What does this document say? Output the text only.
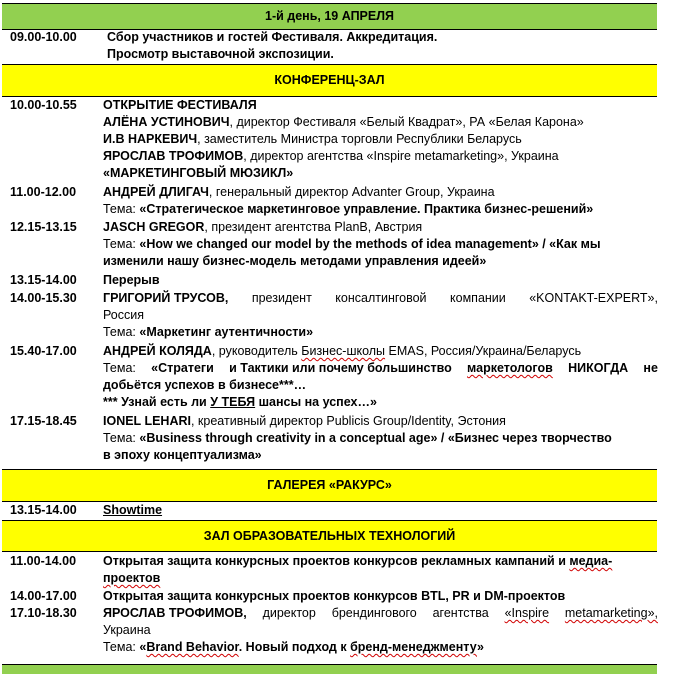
1-й день, 19 АПРЕЛЯ
09.00-10.00	Сбор участников и гостей Фестиваля. Аккредитация.
Просмотр выставочной экспозиции.
КОНФЕРЕНЦ-ЗАЛ
10.00-10.55	ОТКРЫТИЕ ФЕСТИВАЛЯ
АЛЁНА УСТИНОВИЧ, директор Фестиваля «Белый Квадрат», РА «Белая Карона»
И.В НАРКЕВИЧ, заместитель Министра торговли Республики Беларусь
ЯРОСЛАВ ТРОФИМОВ, директор агентства «Inspire metamarketing», Украина
«МАРКЕТИНГОВЫЙ МЮЗИКЛ»
11.00-12.00	АНДРЕЙ ДЛИГАЧ, генеральный директор Advanter Group, Украина
Тема: «Стратегическое маркетинговое управление. Практика бизнес-решений»
12.15-13.15	JASCH GREGOR, президент агентства PlanB, Австрия
Тема: «How we changed our model by the methods of idea management» / «Как мы
изменили нашу бизнес-модель методами управления идеей»
13.15-14.00	Перерыв
14.00-15.30	ГРИГОРИЙ ТРУСОВ, президент консалтинговой компании «KONTAKT-EXPERT»,
Россия
Тема: «Маркетинг аутентичности»
15.40-17.00	АНДРЕЙ КОЛЯДА, руководитель Бизнес-школы EMAS, Россия/Украина/Беларусь
Тема: «Стратеги и Тактики или почему большинство маркетологов НИКОГДА не
добьётся успехов в бизнесе***…
*** Узнай есть ли У ТЕБЯ шансы на успех…»
17.15-18.45	IONEL LEHARI, креативный директор Publicis Group/Identity, Эстония
Тема: «Business through creativity in a conceptual age» / «Бизнес через творчество
в эпоху концептуализма»
ГАЛЕРЕЯ «РАКУРС»
13.15-14.00	Showtime
ЗАЛ ОБРАЗОВАТЕЛЬНЫХ ТЕХНОЛОГИЙ
11.00-14.00	Открытая защита конкурсных проектов конкурсов рекламных кампаний и медиа-
проектов
14.00-17.00	Открытая защита конкурсных проектов конкурсов BTL, PR и DM-проектов
17.10-18.30	ЯРОСЛАВ ТРОФИМОВ, директор брендингового агентства «Inspire metamarketing»,
Украина
Тема: «Brand Behavior. Новый подход к бренд-менеджменту»
